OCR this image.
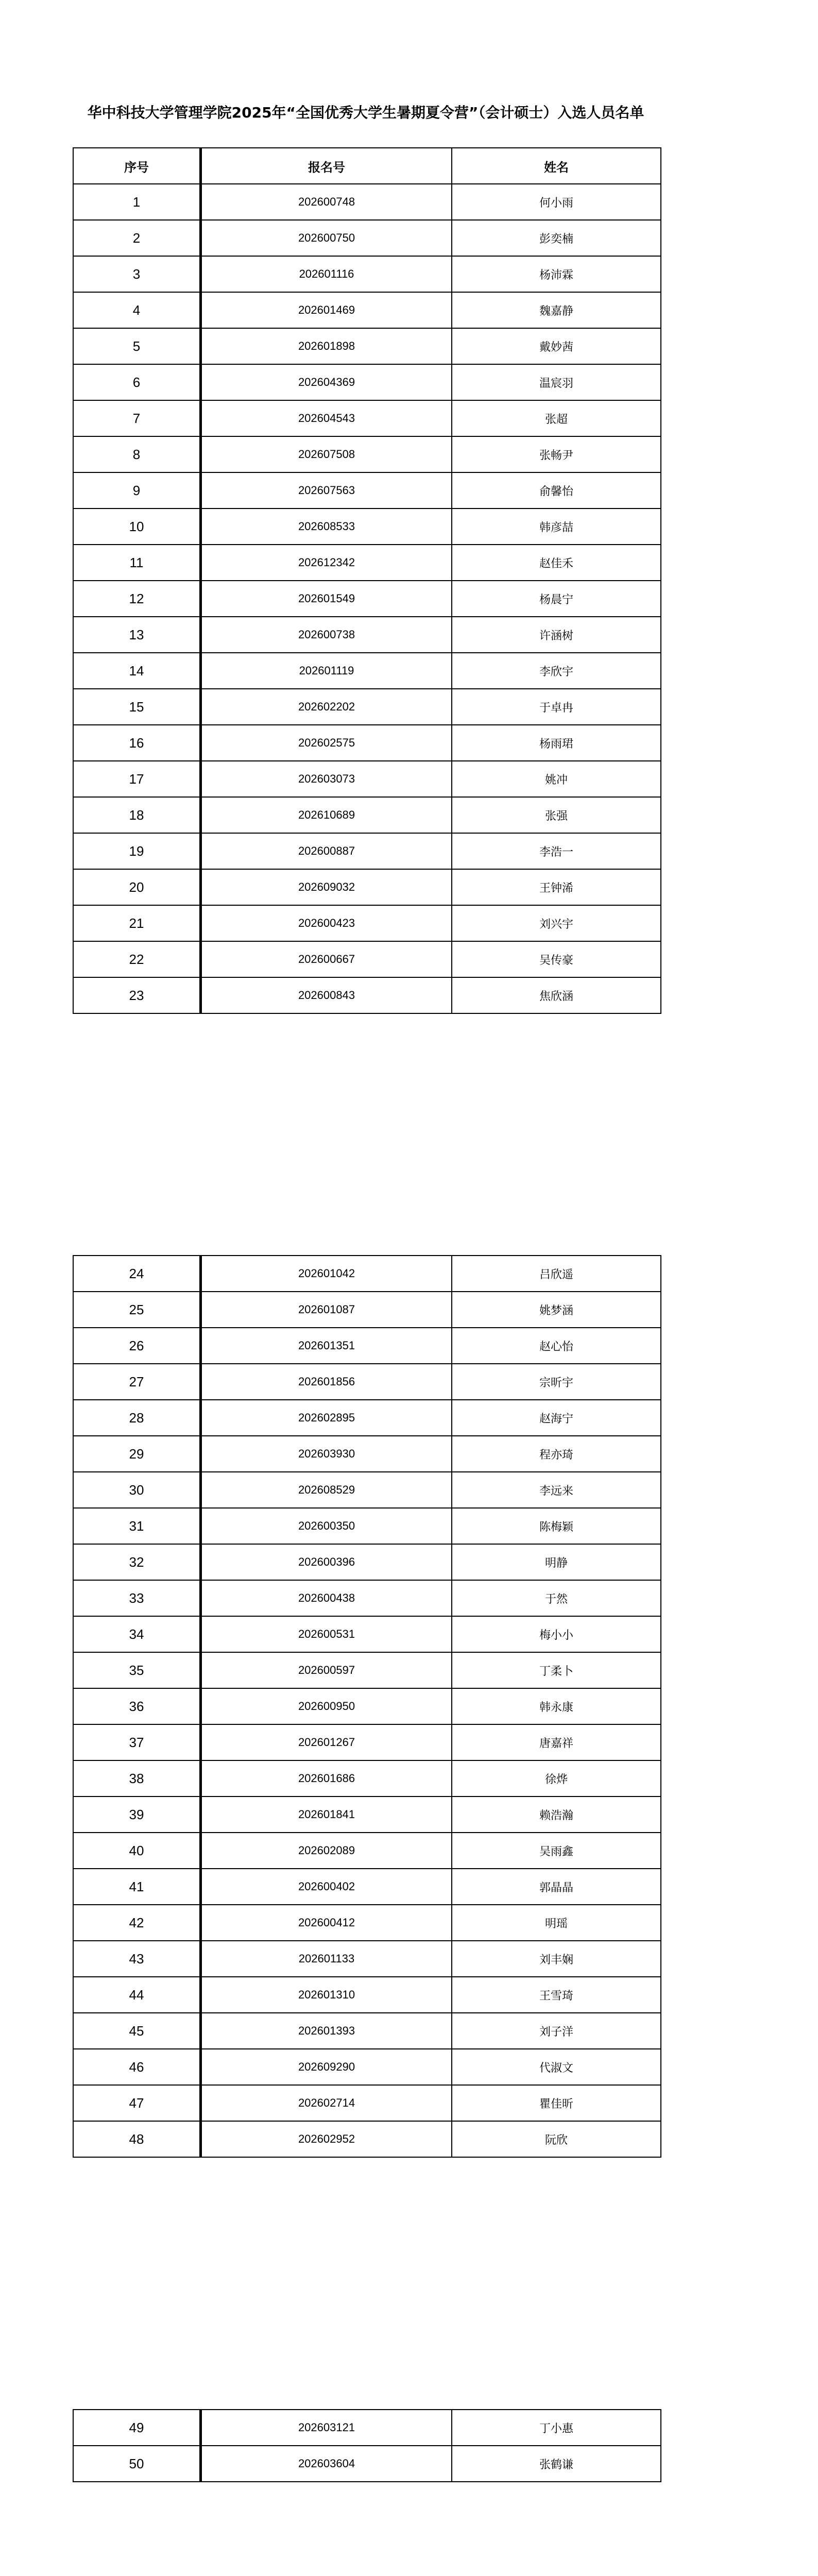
华中科技大学管理学院2025年“全国优秀大学生暑期夏令营”（会计硕士）入选人员名单
序号	报名号	姓名
1	202600748	何小雨
2	202600750	彭奕楠
3	202601116	杨沛霖
4	202601469	魏嘉静
5	202601898	戴妙茜
6	202604369	温宸羽
7	202604543	张超
8	202607508	张畅尹
9	202607563	俞馨怡
10	202608533	韩彦喆
11	202612342	赵佳禾
12	202601549	杨晨宁
13	202600738	许涵树
14	202601119	李欣宇
15	202602202	于卓冉
16	202602575	杨雨珺
17	202603073	姚冲
18	202610689	张强
19	202600887	李浩一
20	202609032	王钟浠
21	202600423	刘兴宇
22	202600667	吴传豪
23	202600843	焦欣涵
24	202601042	吕欣遥
25	202601087	姚梦涵
26	202601351	赵心怡
27	202601856	宗昕宇
28	202602895	赵海宁
29	202603930	程亦琦
30	202608529	李远来
31	202600350	陈梅颖
32	202600396	明静
33	202600438	于然
34	202600531	梅小小
35	202600597	丁柔卜
36	202600950	韩永康
37	202601267	唐嘉祥
38	202601686	徐烨
39	202601841	赖浩瀚
40	202602089	吴雨鑫
41	202600402	郭晶晶
42	202600412	明瑶
43	202601133	刘丰娴
44	202601310	王雪琦
45	202601393	刘子洋
46	202609290	代淑文
47	202602714	瞿佳昕
48	202602952	阮欣
49	202603121	丁小惠
50	202603604	张鹤谦
